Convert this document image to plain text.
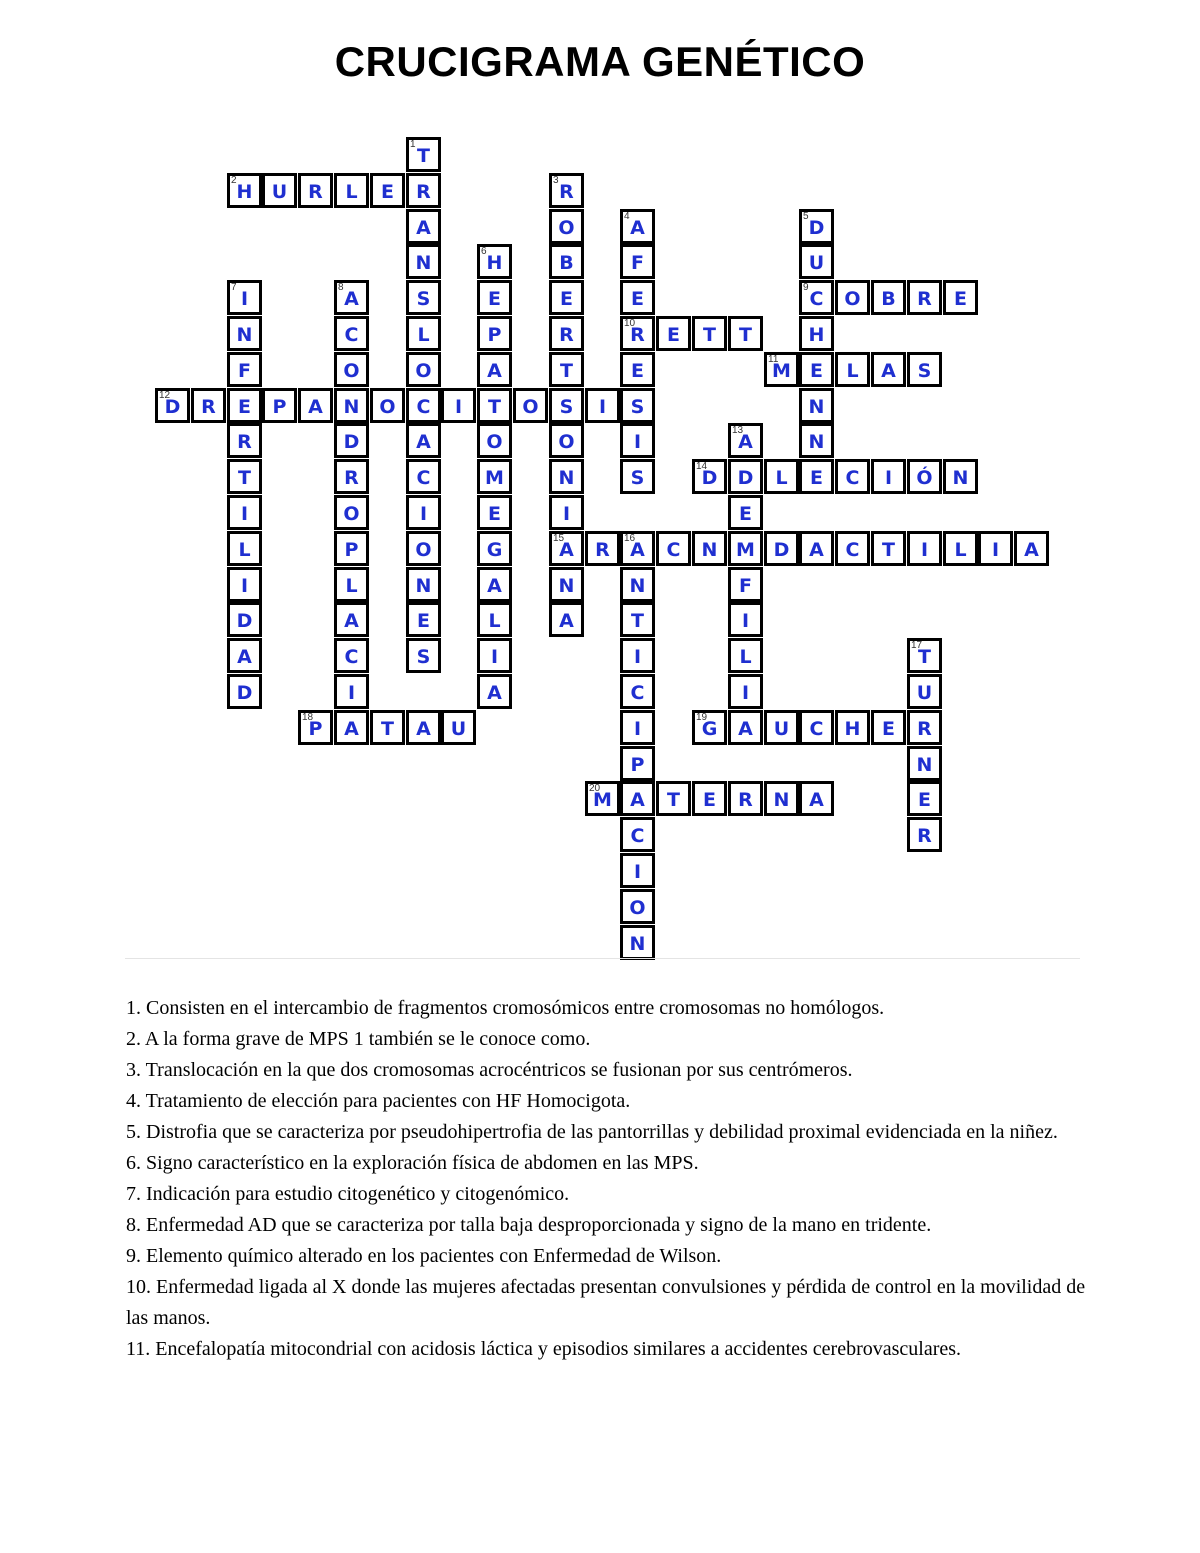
CRUCIGRAMA GENÉTICO
1
T
R
A
N
S
L
O
C
A
C
I
O
N
E
S
2
H	U	R	L	E
3
R
O
B
E
R
T
S
O
N
I
15
A
N
A
4
A
F
E
10
R
E
S
I
S
5
D
U
9
C
H
E
N
N
E
6
H
E
P
A
T
O
M
E
G
A
L
I
A
7
I
N
F
E
R
T
I
L
I
D
A
D
8
A
C
O
N
D
R
O
P
L
A
C
I
A
O	B	R	E
E	T	T
11
M	L	A	S
12
D	R	P	A	O	I	O	I
13
A
D
E
M
F
I
L
I
A
14
D	L	C	I	Ó	N
R
16
A	C	N	D	A	C	T	I	L	I	A
N
T
I
C
I
P
A
C
I
O
N
17
T
U
R
N
E
R
18
P	T	A	U
19
G	U	C	H	E
20
M	T	E	R	N	A

1. Consisten en el intercambio de fragmentos cromosómicos entre cromosomas no homólogos.

2. A la forma grave de MPS 1 también se le conoce como.

3. Translocación en la que dos cromosomas acrocéntricos se fusionan por sus centrómeros.

4. Tratamiento de elección para pacientes con HF Homocigota.

5. Distrofia que se caracteriza por pseudohipertrofia de las pantorrillas y debilidad proximal evidenciada en la niñez.

6. Signo característico en la exploración física de abdomen en las MPS.

7. Indicación para estudio citogenético y citogenómico.

8. Enfermedad AD que se caracteriza por talla baja desproporcionada y signo de la mano en tridente.

9. Elemento químico alterado en los pacientes con Enfermedad de Wilson.

10. Enfermedad ligada al X donde las mujeres afectadas presentan convulsiones y pérdida de control en la movilidad de las manos.

11. Encefalopatía mitocondrial con acidosis láctica y episodios similares a accidentes cerebrovasculares.
